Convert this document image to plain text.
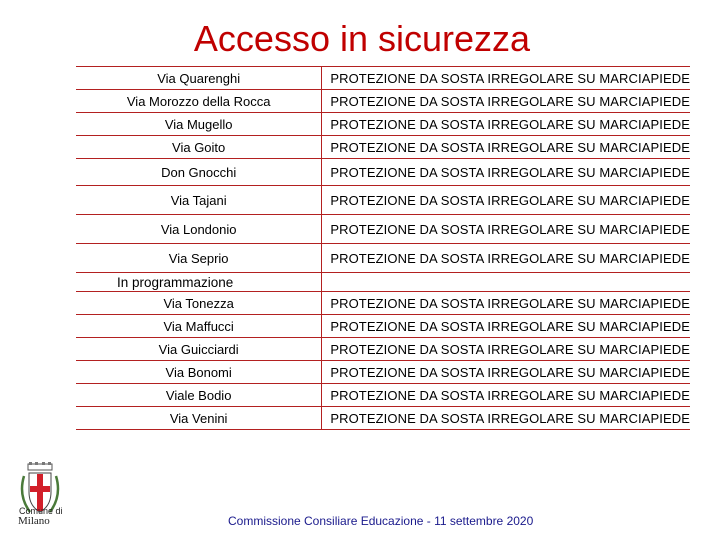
Accesso in sicurezza
Via Quarenghi	PROTEZIONE DA SOSTA IRREGOLARE SU MARCIAPIEDE
Via Morozzo della Rocca	PROTEZIONE DA SOSTA IRREGOLARE SU MARCIAPIEDE
Via Mugello	PROTEZIONE DA SOSTA IRREGOLARE SU MARCIAPIEDE
Via Goito	PROTEZIONE DA SOSTA IRREGOLARE SU MARCIAPIEDE
Don Gnocchi	PROTEZIONE DA SOSTA IRREGOLARE SU MARCIAPIEDE
Via Tajani	PROTEZIONE DA SOSTA IRREGOLARE SU MARCIAPIEDE
Via Londonio	PROTEZIONE DA SOSTA IRREGOLARE SU MARCIAPIEDE
Via Seprio	PROTEZIONE DA SOSTA IRREGOLARE SU MARCIAPIEDE
In programmazione	
Via Tonezza	PROTEZIONE DA SOSTA IRREGOLARE SU MARCIAPIEDE
Via Maffucci	PROTEZIONE DA SOSTA IRREGOLARE SU MARCIAPIEDE
Via Guicciardi	PROTEZIONE DA SOSTA IRREGOLARE SU MARCIAPIEDE
Via Bonomi	PROTEZIONE DA SOSTA IRREGOLARE SU MARCIAPIEDE
Viale Bodio	PROTEZIONE DA SOSTA IRREGOLARE SU MARCIAPIEDE
Via Venini	PROTEZIONE DA SOSTA IRREGOLARE SU MARCIAPIEDE
Comune di
Milano	Commissione Consiliare Educazione - 11 settembre 2020
